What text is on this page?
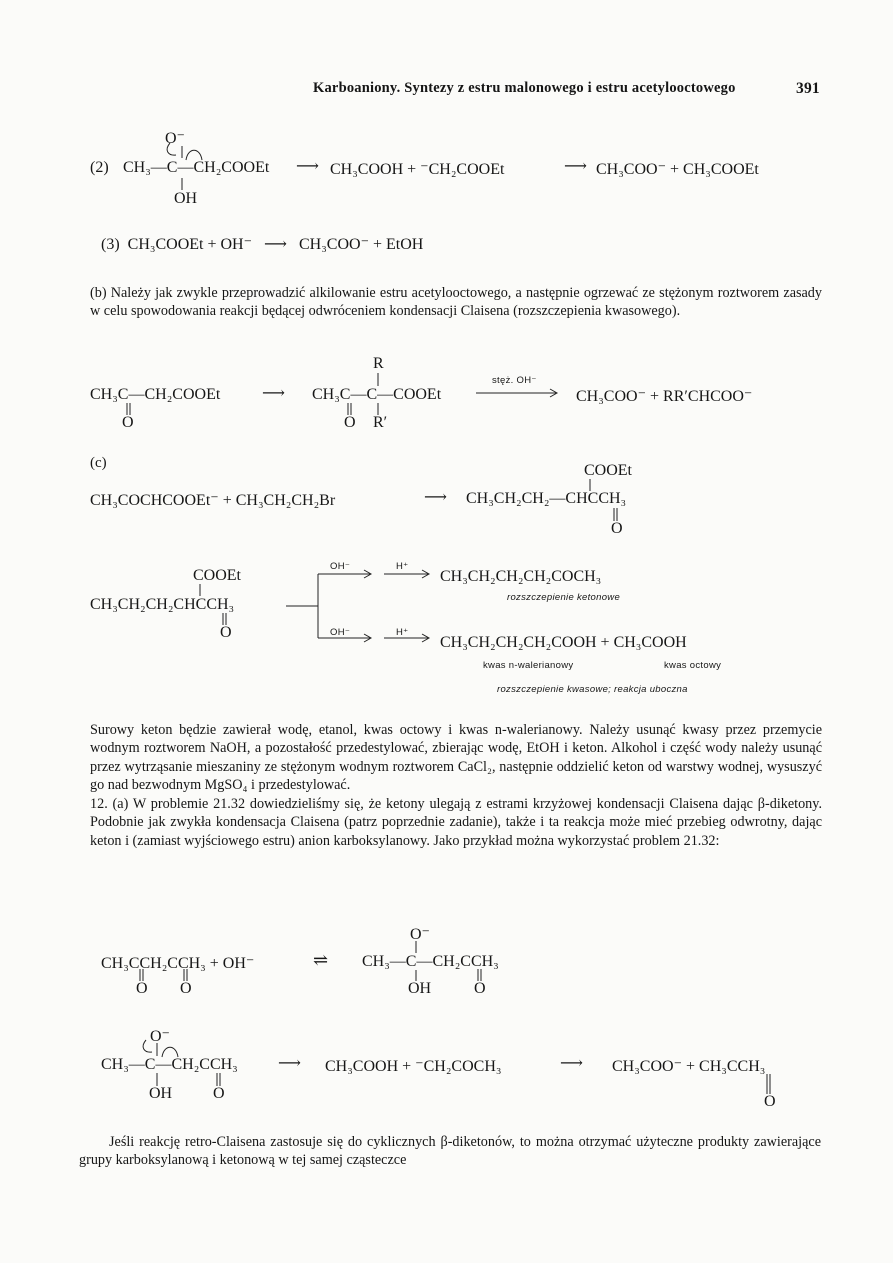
Karboaniony. Syntezy z estru malonowego i estru acetylooctowego	391
O⁻
(2) CH₃—C—CH₂COOEt ⟶ CH₃COOH + ⁻CH₂COOEt	⟶ CH₃COO⁻ + CH₃COOEt
OH
(3)  CH₃COOEt + OH⁻   ⟶   CH₃COO⁻ + EtOH
(b) Należy jak zwykle przeprowadzić alkilowanie estru acetylooctowego, a następnie ogrzewać ze stężonym roztworem zasady w celu spowodowania reakcji będącej odwróceniem kondensacji Claisena (rozszczepienia kwasowego).
CH₃C—CH₂COOEt
O
⟶
R
CH₃C—C—COOEt
O R′
stęż. OH⁻
CH₃COO⁻ + RR′CHCOO⁻
(c)	COOEt
CH₃COCHCOOEt⁻ + CH₃CH₂CH₂Br	⟶ CH₃CH₂CH₂—CHCCH₃
O
COOEt
CH₃CH₂CH₂CHCCH₃
O
OH⁻	H⁺
CH₃CH₂CH₂CH₂COCH₃
rozszczepienie ketonowe
OH⁻	H⁺
CH₃CH₂CH₂CH₂COOH + CH₃COOH
kwas n-walerianowy	kwas octowy
rozszczepienie kwasowe; reakcja uboczna
Surowy keton będzie zawierał wodę, etanol, kwas octowy i kwas n-walerianowy. Należy usunąć kwasy przez przemycie wodnym roztworem NaOH, a pozostałość przedestylować, zbierając wodę, EtOH i keton. Alkohol i część wody należy usunąć przez wytrząsanie mieszaniny ze stężonym wodnym roztworem CaCl₂, następnie oddzielić keton od warstwy wodnej, wysuszyć go nad bezwodnym MgSO₄ i przedestylować.
12. (a) W problemie 21.32 dowiedzieliśmy się, że ketony ulegają z estrami krzyżowej kondensacji Claisena dając β-diketony. Podobnie jak zwykła kondensacja Claisena (patrz poprzednie zadanie), także i ta reakcja może mieć przebieg odwrotny, dając keton i (zamiast wyjściowego estru) anion karboksylanowy. Jako przykład można wykorzystać problem 21.32:
CH₃CCH₂CCH₃ + OH⁻
O O
⇌
O⁻
CH₃—C—CH₂CCH₃
OH	O
O⁻
CH₃—C—CH₂CCH₃
OH	O
⟶ CH₃COOH + ⁻CH₂COCH₃	⟶ CH₃COO⁻ + CH₃CCH₃
O
Jeśli reakcję retro-Claisena zastosuje się do cyklicznych β-diketonów, to można otrzymać użyteczne produkty zawierające grupy karboksylanową i ketonową w tej samej cząsteczce
